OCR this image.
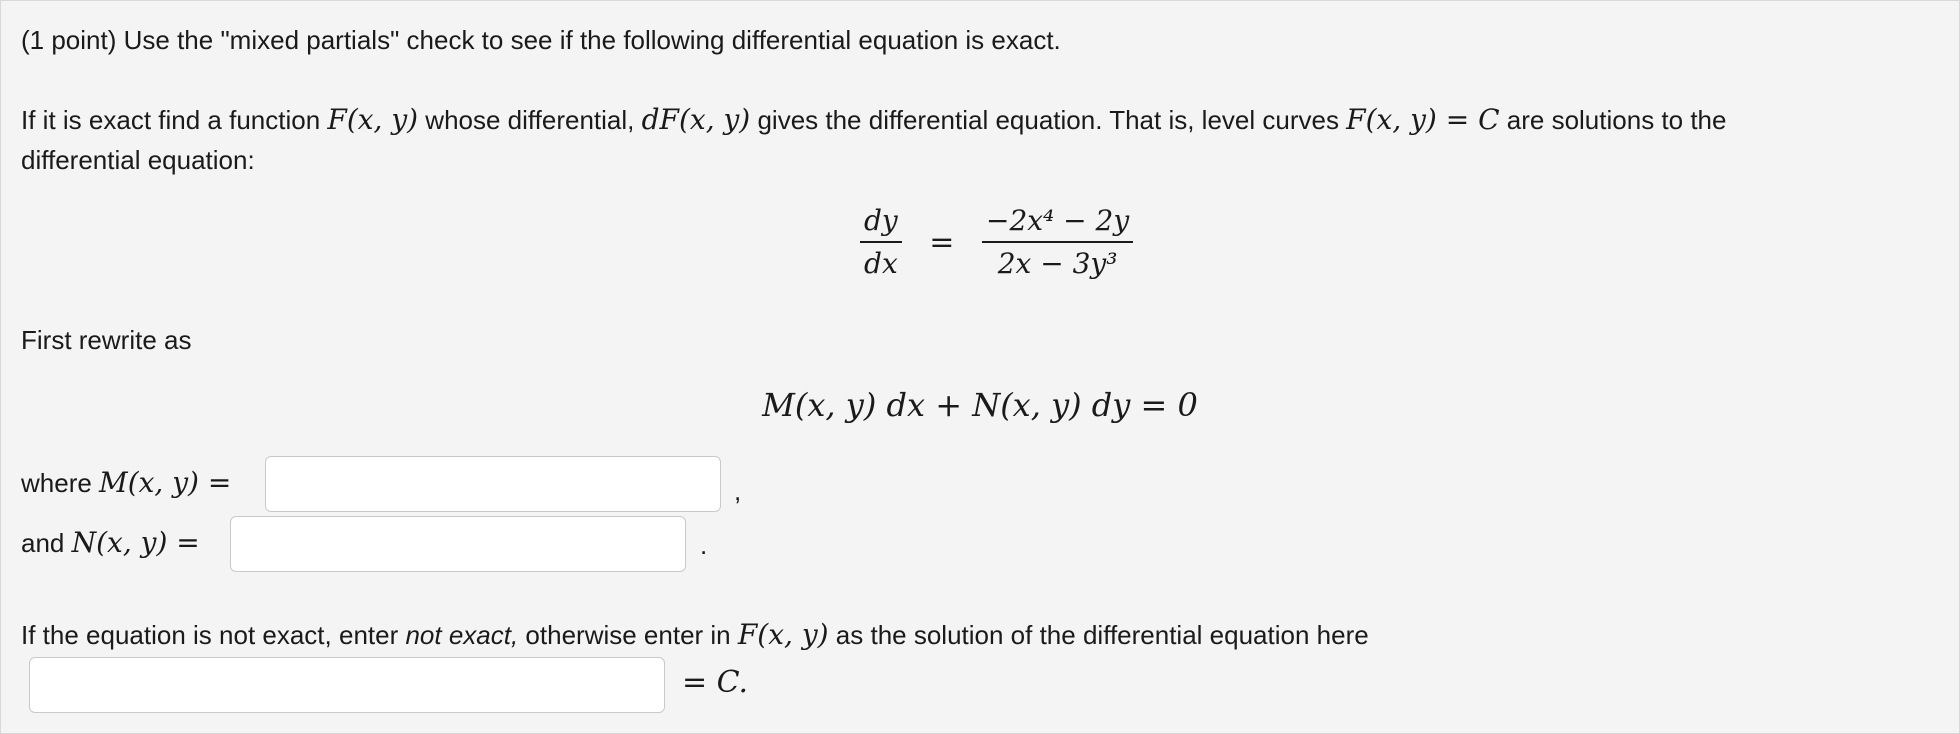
(1 point) Use the "mixed partials" check to see if the following differential equation is exact.
If it is exact find a function F(x, y) whose differential, dF(x, y) gives the differential equation. That is, level curves F(x, y) = C are solutions to the
differential equation:
$\frac{dy}{dx} = \frac{\text{−2x⁴ − 2y}}{\text{2x − 3y³}}$
First rewrite as
M(x, y) dx + N(x, y) dy = 0
where M(x, y) =	,
and N(x, y) =	.
If the equation is not exact, enter not exact, otherwise enter in F(x, y) as the solution of the differential equation here
= C.
